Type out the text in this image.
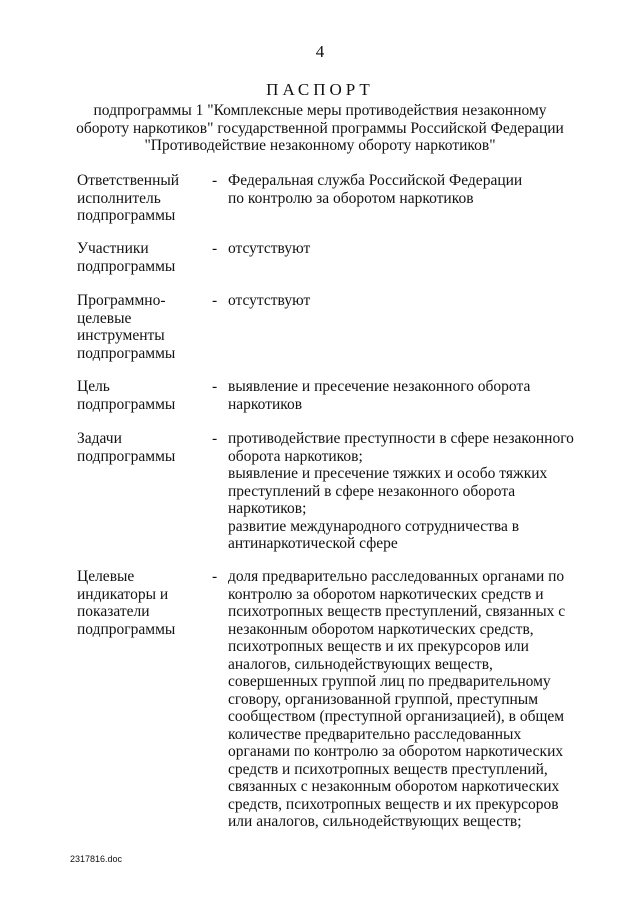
4
ПАСПОРТ
подпрограммы 1 "Комплексные меры противодействия незаконному
обороту наркотиков" государственной программы Российской Федерации
"Противодействие незаконному обороту наркотиков"
Ответственный
исполнитель
подпрограммы
- Федеральная служба Российской Федерации
по контролю за оборотом наркотиков
Участники
подпрограммы
- отсутствуют
Программно-
целевые
инструменты
подпрограммы
- отсутствуют
Цель
подпрограммы
- выявление и пресечение незаконного оборота
наркотиков
Задачи
подпрограммы
- противодействие преступности в сфере незаконного
оборота наркотиков;
выявление и пресечение тяжких и особо тяжких
преступлений в сфере незаконного оборота
наркотиков;
развитие международного сотрудничества в
антинаркотической сфере
Целевые
индикаторы и
показатели
подпрограммы
- доля предварительно расследованных органами по
контролю за оборотом наркотических средств и
психотропных веществ преступлений, связанных с
незаконным оборотом наркотических средств,
психотропных веществ и их прекурсоров или
аналогов, сильнодействующих веществ,
совершенных группой лиц по предварительному
сговору, организованной группой, преступным
сообществом (преступной организацией), в общем
количестве предварительно расследованных
органами по контролю за оборотом наркотических
средств и психотропных веществ преступлений,
связанных с незаконным оборотом наркотических
средств, психотропных веществ и их прекурсоров
или аналогов, сильнодействующих веществ;
2317816.doc
